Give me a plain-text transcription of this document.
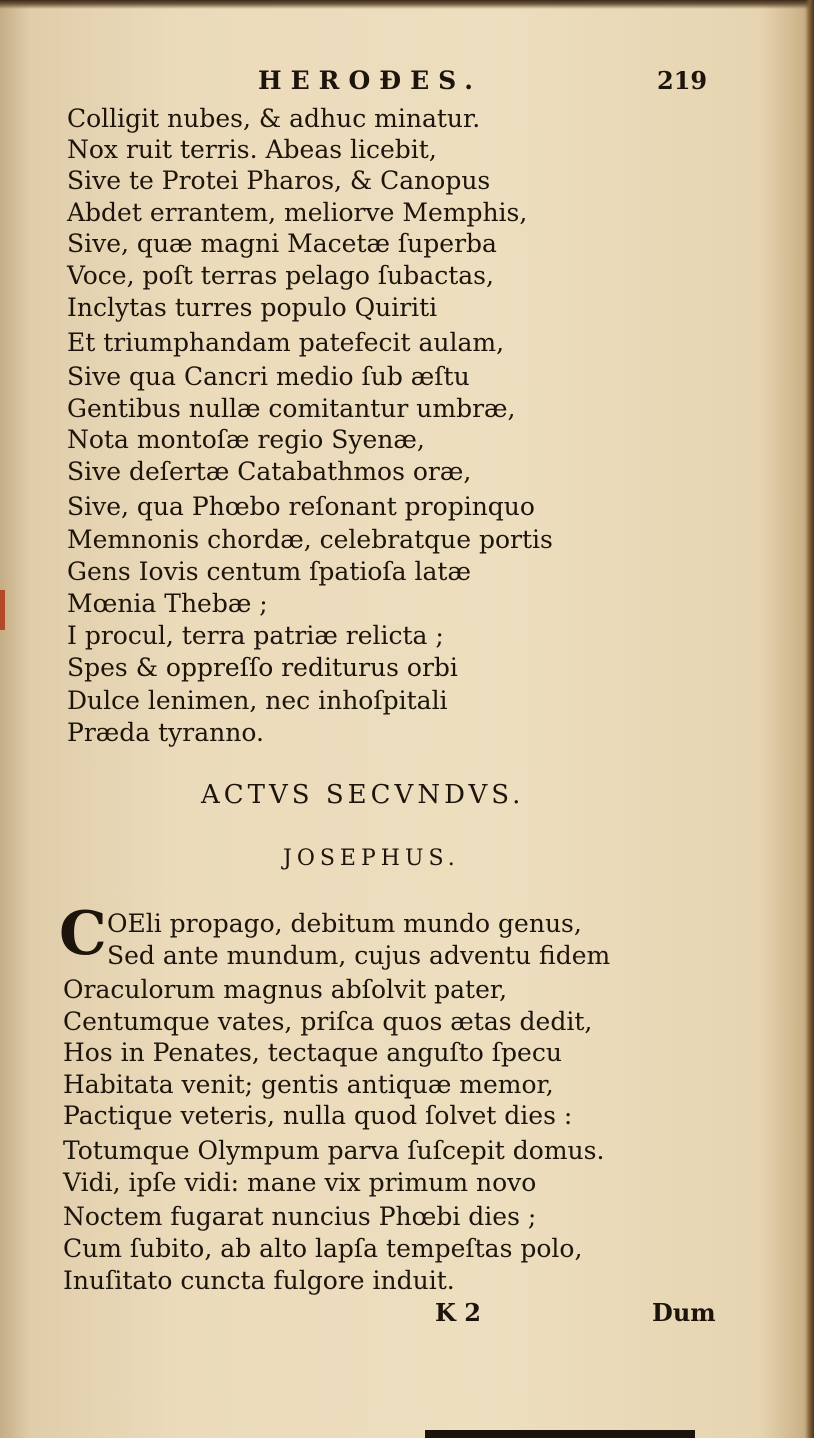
HEROÐES.	219
Colligit nubes, & adhuc minatur.
Nox ruit terris. Abeas licebit,
Sive te Protei Pharos, & Canopus
Abdet errantem, meliorve Memphis,
Sive, quæ magni Macetæ ſuperba
Voce, poſt terras pelago ſubactas,
Inclytas turres populo Quiriti
Et triumphandam patefecit aulam,
Sive qua Cancri medio ſub æſtu
Gentibus nullæ comitantur umbræ,
Nota montoſæ regio Syenæ,
Sive deſertæ Catabathmos oræ,
Sive, qua Phœbo reſonant propinquo
Memnonis chordæ, celebratque portis
Gens Iovis centum ſpatioſa latæ
Mœnia Thebæ ;
I procul, terra patriæ relicta ;
Spes & oppreſſo rediturus orbi
Dulce lenimen, nec inhoſpitali
Præda tyranno.
ACTVS SECVNDVS.
JOSEPHUS.
C OEli propago, debitum mundo genus,
Sed ante mundum, cujus adventu fidem
Oraculorum magnus abſolvit pater,
Centumque vates, priſca quos ætas dedit,
Hos in Penates, tectaque anguſto ſpecu
Habitata venit; gentis antiquæ memor,
Pactique veteris, nulla quod ſolvet dies :
Totumque Olympum parva ſuſcepit domus.
Vidi, ipſe vidi: mane vix primum novo
Noctem fugarat nuncius Phœbi dies ;
Cum ſubito, ab alto lapſa tempeſtas polo,
Inuſitato cuncta fulgore induit.
K 2	Dum
